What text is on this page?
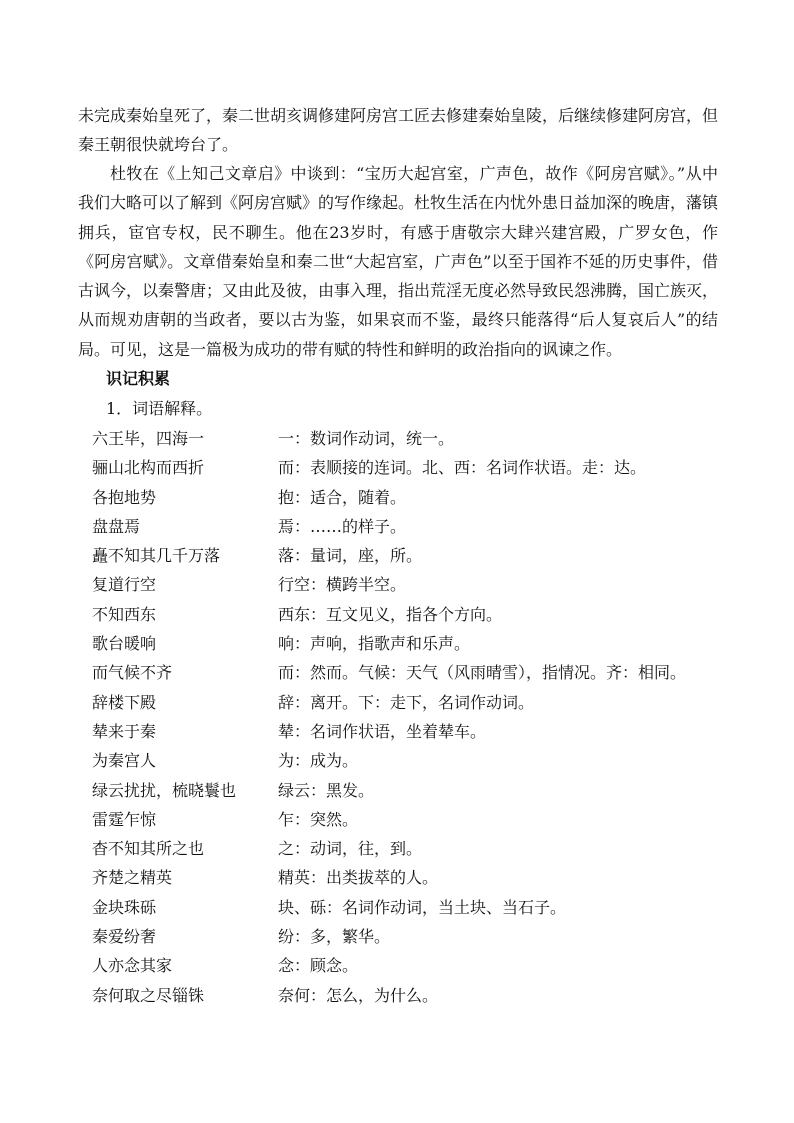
未完成秦始皇死了，秦二世胡亥调修建阿房宫工匠去修建秦始皇陵，后继续修建阿房宫，但秦王朝很快就垮台了。

杜牧在《上知己文章启》中谈到：“宝历大起宫室，广声色，故作《阿房宫赋》。”从中我们大略可以了解到《阿房宫赋》的写作缘起。杜牧生活在内忧外患日益加深的晚唐，藩镇拥兵，宦官专权，民不聊生。他在23岁时，有感于唐敬宗大肆兴建宫殿，广罗女色，作《阿房宫赋》。文章借秦始皇和秦二世“大起宫室，广声色”以至于国祚不延的历史事件，借古讽今，以秦警唐；又由此及彼，由事入理，指出荒淫无度必然导致民怨沸腾，国亡族灭，从而规劝唐朝的当政者，要以古为鉴，如果哀而不鉴，最终只能落得“后人复哀后人”的结局。可见，这是一篇极为成功的带有赋的特性和鲜明的政治指向的讽谏之作。

识记积累

1．词语解释。

六王毕，四海一	一：数词作动词，统一。
骊山北构而西折	而：表顺接的连词。北、西：名词作状语。走：达。
各抱地势	抱：适合，随着。
盘盘焉	焉：……的样子。
矗不知其几千万落	落：量词，座，所。
复道行空	行空：横跨半空。
不知西东	西东：互文见义，指各个方向。
歌台暖响	响：声响，指歌声和乐声。
而气候不齐	而：然而。气候：天气（风雨晴雪），指情况。齐：相同。
辞楼下殿	辞：离开。下：走下，名词作动词。
辇来于秦	辇：名词作状语，坐着辇车。
为秦宫人	为：成为。
绿云扰扰，梳晓鬟也	绿云：黑发。
雷霆乍惊	乍：突然。
杳不知其所之也	之：动词，往，到。
齐楚之精英	精英：出类拔萃的人。
金块珠砾	块、砾：名词作动词，当土块、当石子。
秦爱纷奢	纷：多，繁华。
人亦念其家	念：顾念。
奈何取之尽锱铢	奈何：怎么，为什么。
